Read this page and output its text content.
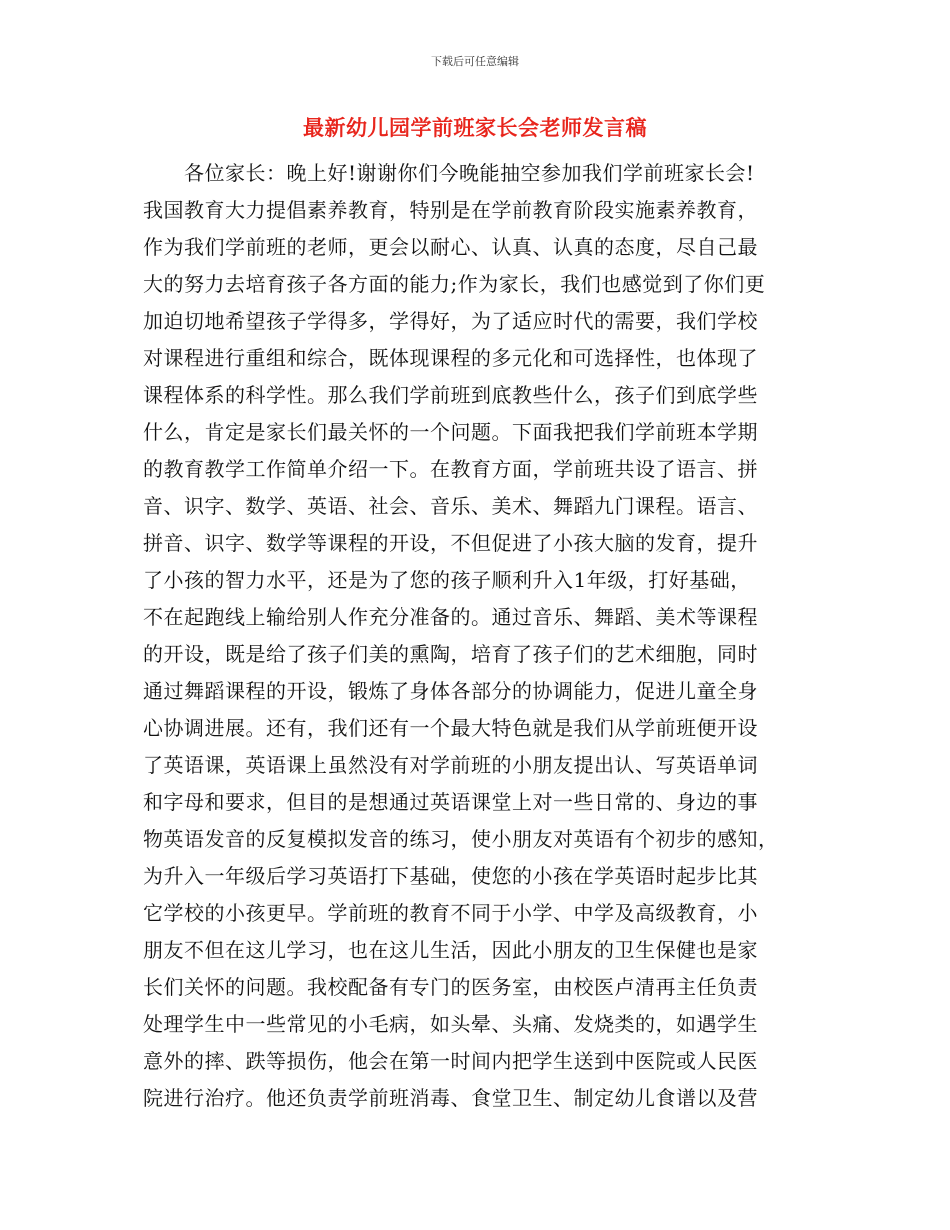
下载后可任意编辑
最新幼儿园学前班家长会老师发言稿
　　各位家长：晚上好!谢谢你们今晚能抽空参加我们学前班家长会!
我国教育大力提倡素养教育，特别是在学前教育阶段实施素养教育，
作为我们学前班的老师，更会以耐心、认真、认真的态度，尽自己最
大的努力去培育孩子各方面的能力;作为家长，我们也感觉到了你们更
加迫切地希望孩子学得多，学得好，为了适应时代的需要，我们学校
对课程进行重组和综合，既体现课程的多元化和可选择性，也体现了
课程体系的科学性。那么我们学前班到底教些什么，孩子们到底学些
什么，肯定是家长们最关怀的一个问题。下面我把我们学前班本学期
的教育教学工作简单介绍一下。在教育方面，学前班共设了语言、拼
音、识字、数学、英语、社会、音乐、美术、舞蹈九门课程。语言、
拼音、识字、数学等课程的开设，不但促进了小孩大脑的发育，提升
了小孩的智力水平，还是为了您的孩子顺利升入1年级，打好基础，
不在起跑线上输给别人作充分准备的。通过音乐、舞蹈、美术等课程
的开设，既是给了孩子们美的熏陶，培育了孩子们的艺术细胞，同时
通过舞蹈课程的开设，锻炼了身体各部分的协调能力，促进儿童全身
心协调进展。还有，我们还有一个最大特色就是我们从学前班便开设
了英语课，英语课上虽然没有对学前班的小朋友提出认、写英语单词
和字母和要求，但目的是想通过英语课堂上对一些日常的、身边的事
物英语发音的反复模拟发音的练习，使小朋友对英语有个初步的感知，
为升入一年级后学习英语打下基础，使您的小孩在学英语时起步比其
它学校的小孩更早。学前班的教育不同于小学、中学及高级教育，小
朋友不但在这儿学习，也在这儿生活，因此小朋友的卫生保健也是家
长们关怀的问题。我校配备有专门的医务室，由校医卢清再主任负责
处理学生中一些常见的小毛病，如头晕、头痛、发烧类的，如遇学生
意外的摔、跌等损伤，他会在第一时间内把学生送到中医院或人民医
院进行治疗。他还负责学前班消毒、食堂卫生、制定幼儿食谱以及营
